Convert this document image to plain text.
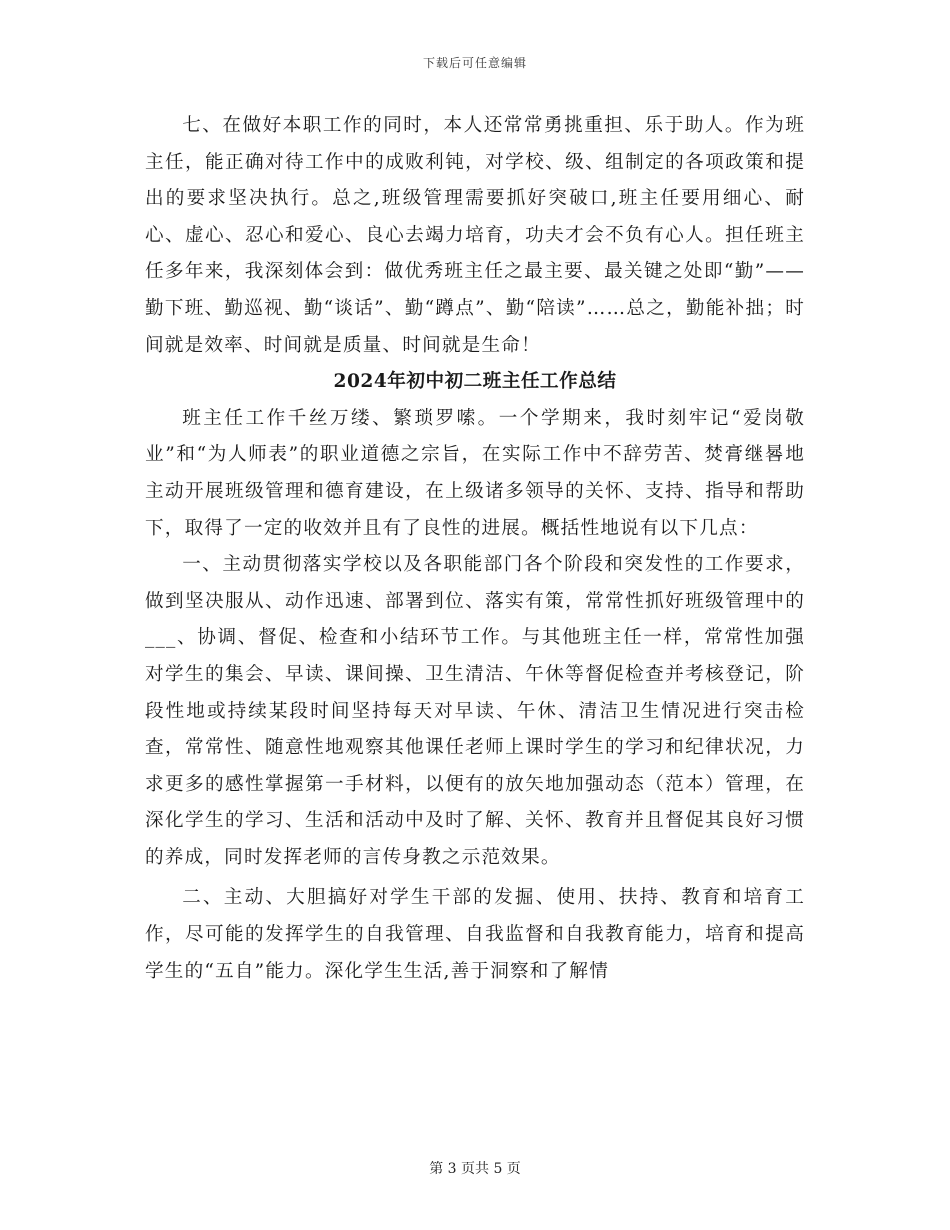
下载后可任意编辑

七、在做好本职工作的同时，本人还常常勇挑重担、乐于助人。作为班主任，能正确对待工作中的成败利钝，对学校、级、组制定的各项政策和提出的要求坚决执行。总之,班级管理需要抓好突破口,班主任要用细心、耐心、虚心、忍心和爱心、良心去竭力培育，功夫才会不负有心人。担任班主任多年来，我深刻体会到：做优秀班主任之最主要、最关键之处即“勤”——勤下班、勤巡视、勤“谈话”、勤“蹲点”、勤“陪读”……总之，勤能补拙；时间就是效率、时间就是质量、时间就是生命！

2024年初中初二班主任工作总结

班主任工作千丝万缕、繁琐罗嗦。一个学期来，我时刻牢记“爱岗敬业”和“为人师表”的职业道德之宗旨，在实际工作中不辞劳苦、焚膏继晷地主动开展班级管理和德育建设，在上级诸多领导的关怀、支持、指导和帮助下，取得了一定的收效并且有了良性的进展。概括性地说有以下几点：

一、主动贯彻落实学校以及各职能部门各个阶段和突发性的工作要求，做到坚决服从、动作迅速、部署到位、落实有策，常常性抓好班级管理中的___、协调、督促、检查和小结环节工作。与其他班主任一样，常常性加强对学生的集会、早读、课间操、卫生清洁、午休等督促检查并考核登记，阶段性地或持续某段时间坚持每天对早读、午休、清洁卫生情况进行突击检查，常常性、随意性地观察其他课任老师上课时学生的学习和纪律状况，力求更多的感性掌握第一手材料，以便有的放矢地加强动态（范本）管理，在深化学生的学习、生活和活动中及时了解、关怀、教育并且督促其良好习惯的养成，同时发挥老师的言传身教之示范效果。

二、主动、大胆搞好对学生干部的发掘、使用、扶持、教育和培育工作，尽可能的发挥学生的自我管理、自我监督和自我教育能力，培育和提高学生的“五自”能力。深化学生生活,善于洞察和了解情

第 3 页共 5 页
